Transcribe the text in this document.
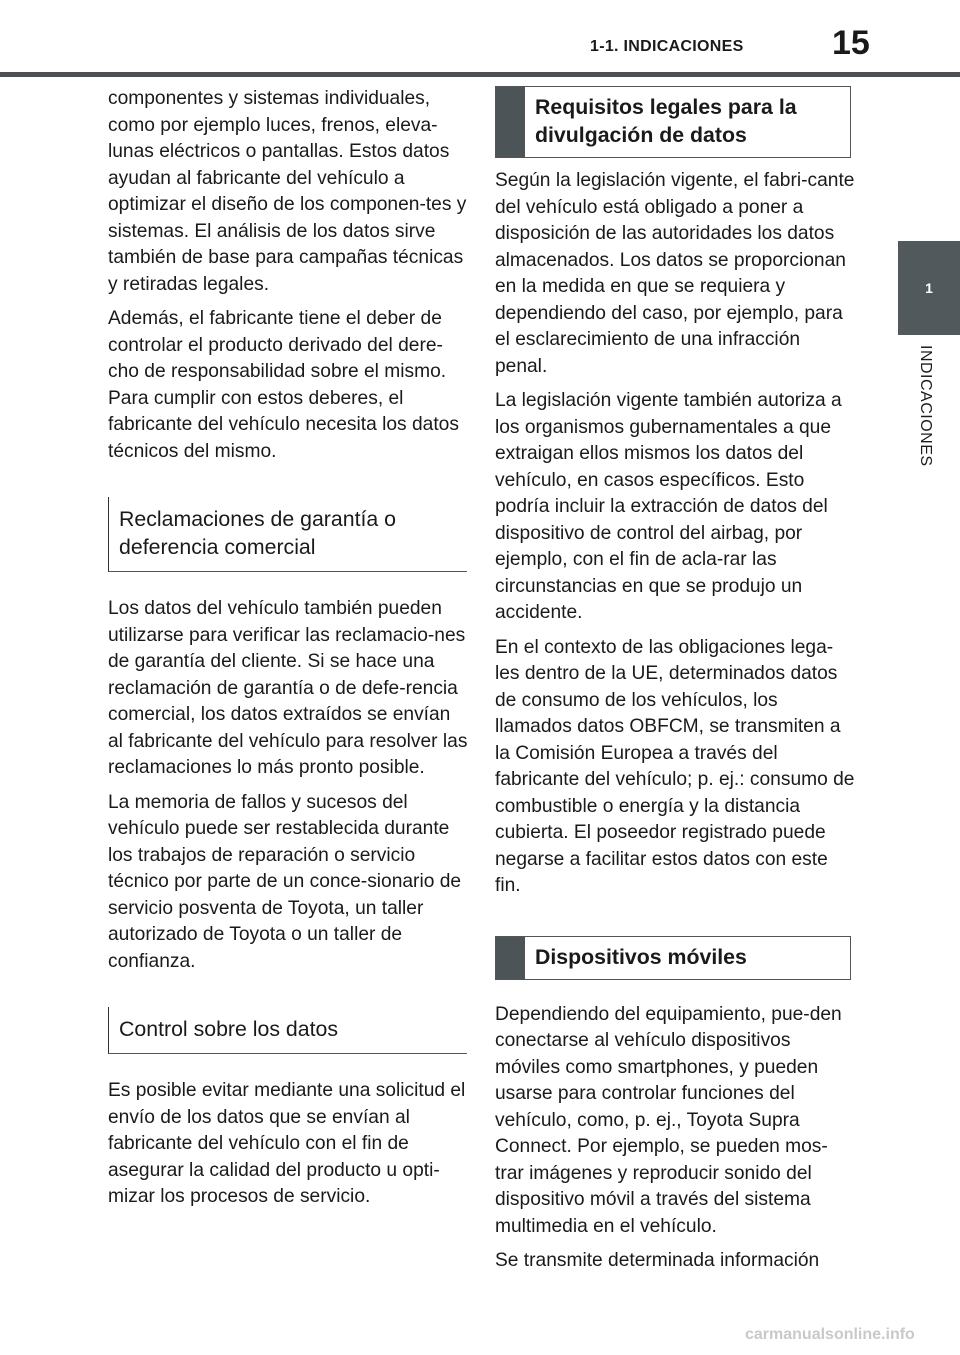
1-1. INDICACIONES	15
1
INDICACIONES

componentes y sistemas individuales, como por ejemplo luces, frenos, eleva-lunas eléctricos o pantallas. Estos datos ayudan al fabricante del vehículo a optimizar el diseño de los componen-tes y sistemas. El análisis de los datos sirve también de base para campañas técnicas y retiradas legales.

Además, el fabricante tiene el deber de controlar el producto derivado del dere-cho de responsabilidad sobre el mismo. Para cumplir con estos deberes, el fabricante del vehículo necesita los datos técnicos del mismo.

Reclamaciones de garantía o deferencia comercial

Los datos del vehículo también pueden utilizarse para verificar las reclamacio-nes de garantía del cliente. Si se hace una reclamación de garantía o de defe-rencia comercial, los datos extraídos se envían al fabricante del vehículo para resolver las reclamaciones lo más pronto posible.

La memoria de fallos y sucesos del vehículo puede ser restablecida durante los trabajos de reparación o servicio técnico por parte de un conce-sionario de servicio posventa de Toyota, un taller autorizado de Toyota o un taller de confianza.

Control sobre los datos

Es posible evitar mediante una solicitud el envío de los datos que se envían al fabricante del vehículo con el fin de asegurar la calidad del producto u opti-mizar los procesos de servicio.

Requisitos legales para la divulgación de datos

Según la legislación vigente, el fabri-cante del vehículo está obligado a poner a disposición de las autoridades los datos almacenados. Los datos se proporcionan en la medida en que se requiera y dependiendo del caso, por ejemplo, para el esclarecimiento de una infracción penal.

La legislación vigente también autoriza a los organismos gubernamentales a que extraigan ellos mismos los datos del vehículo, en casos específicos. Esto podría incluir la extracción de datos del dispositivo de control del airbag, por ejemplo, con el fin de acla-rar las circunstancias en que se produjo un accidente.

En el contexto de las obligaciones lega-les dentro de la UE, determinados datos de consumo de los vehículos, los llamados datos OBFCM, se transmiten a la Comisión Europea a través del fabricante del vehículo; p. ej.: consumo de combustible o energía y la distancia cubierta. El poseedor registrado puede negarse a facilitar estos datos con este fin.

Dispositivos móviles

Dependiendo del equipamiento, pue-den conectarse al vehículo dispositivos móviles como smartphones, y pueden usarse para controlar funciones del vehículo, como, p. ej., Toyota Supra Connect. Por ejemplo, se pueden mos-trar imágenes y reproducir sonido del dispositivo móvil a través del sistema multimedia en el vehículo.

Se transmite determinada información

carmanualsonline.info
